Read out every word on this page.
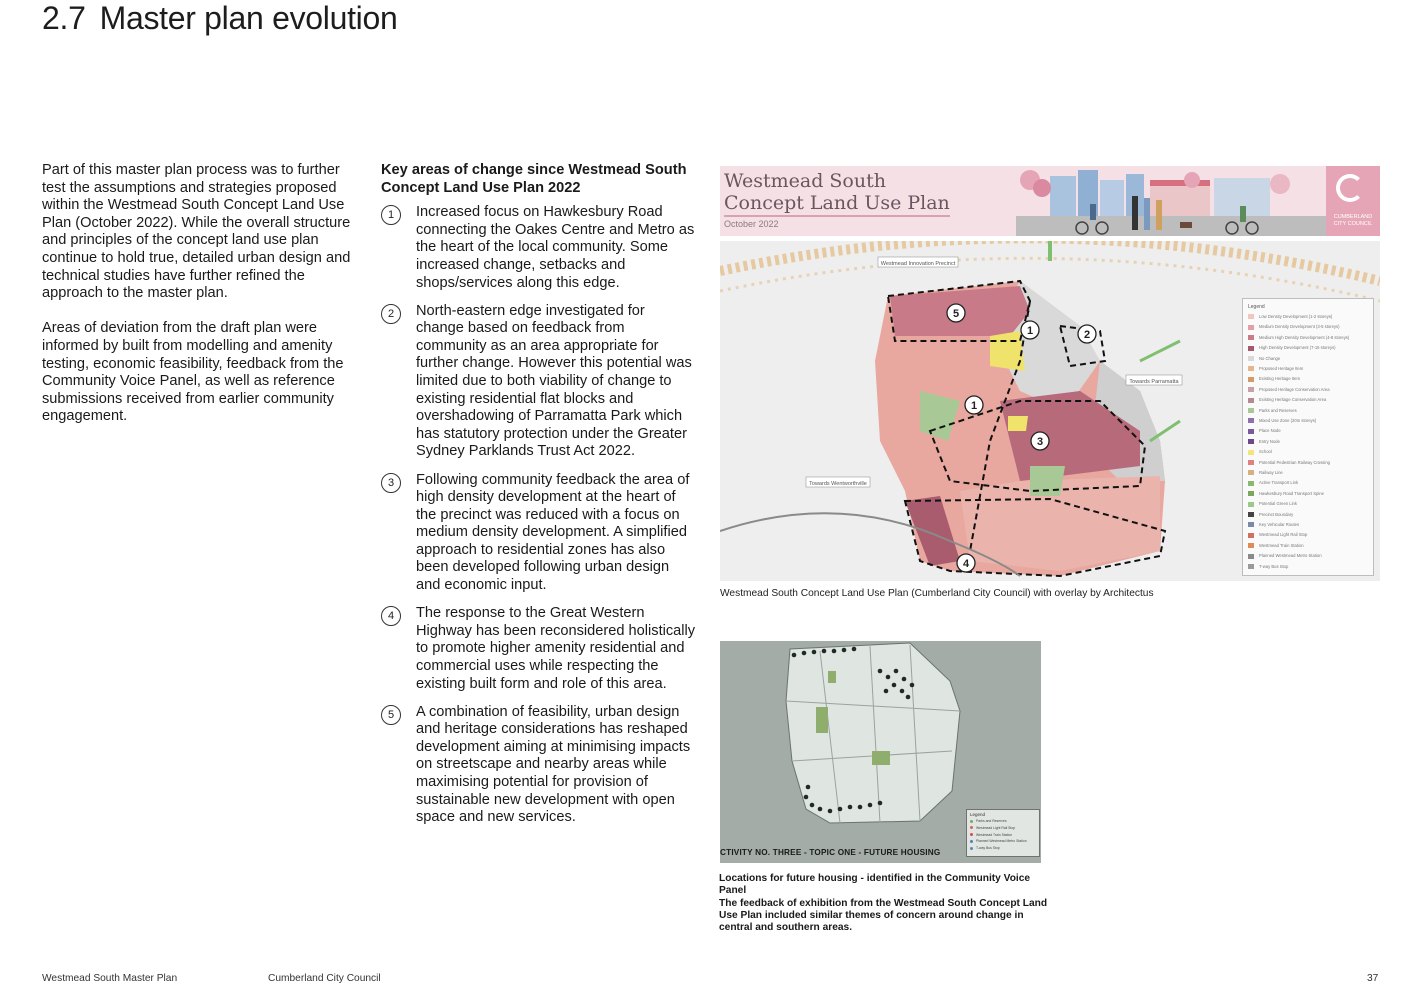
2.7 Master plan evolution

Part of this master plan process was to further test the assumptions and strategies proposed within the Westmead South Concept Land Use Plan (October 2022). While the overall structure and principles of the concept land use plan continue to hold true, detailed urban design and technical studies have further refined the approach to the master plan.

Areas of deviation from the draft plan were informed by built from modelling and amenity testing, economic feasibility, feedback from the Community Voice Panel, as well as reference submissions received from earlier community engagement.

Key areas of change since Westmead South Concept Land Use Plan 2022
1	Increased focus on Hawkesbury Road connecting the Oakes Centre and Metro as the heart of the local community. Some increased change, setbacks and shops/services along this edge.
2	North-eastern edge investigated for change based on feedback from community as an area appropriate for further change. However this potential was limited due to both viability of change to existing residential flat blocks and overshadowing of Parramatta Park which has statutory protection under the Greater Sydney Parklands Trust Act 2022.
3	Following community feedback the area of high density development at the heart of the precinct was reduced with a focus on medium density development. A simplified approach to residential zones has also been developed following urban design and economic input.
4	The response to the Great Western Highway has been reconsidered holistically to promote higher amenity residential and commercial uses while respecting the existing built form and role of this area.
5	A combination of feasibility, urban design and heritage considerations has reshaped development aiming at minimising impacts on streetscape and nearby areas while maximising potential for provision of sustainable new development with open space and new services.
Westmead South
Concept Land Use Plan
October 2022
CUMBERLAND
CITY COUNCIL
5
1	2
1
3
4
Westmead Innovation Precinct
Towards Parramatta
Towards Wentworthville
Legend
Low Density Development (1-2 storeys)
Medium Density Development (3-5 storeys)
Medium High Density Development (4-8 storeys)
High Density Development (7-15 storeys)
No Change
Proposed Heritage Item
Existing Heritage Item
Proposed Heritage Conservation Area
Existing Heritage Conservation Area
Parks and Reserves
Mixed Use Zone (20m storeys)
Place Node
Entry Node
School
Potential Pedestrian Railway Crossing
Railway Line
Active Transport Link
Hawkesbury Road Transport Spine
Potential Green Link
Precinct Boundary
Key Vehicular Routes
Westmead Light Rail Stop
Westmead Train Station
Planned Westmead Metro Station
T-way Bus Stop
Westmead South Concept Land Use Plan (Cumberland City Council) with overlay by Architectus
Legend
Parks and Reserves
Westmead Light Rail Stop
Westmead Train Station
Planned Westmead Metro Station
T-way Bus Stop
CTIVITY NO. THREE - TOPIC ONE - FUTURE HOUSING

Locations for future housing - identified in the Community Voice Panel

The feedback of exhibition from the Westmead South Concept Land Use Plan included similar themes of concern around change in central and southern areas.

Westmead South Master Plan	Cumberland City Council	37
